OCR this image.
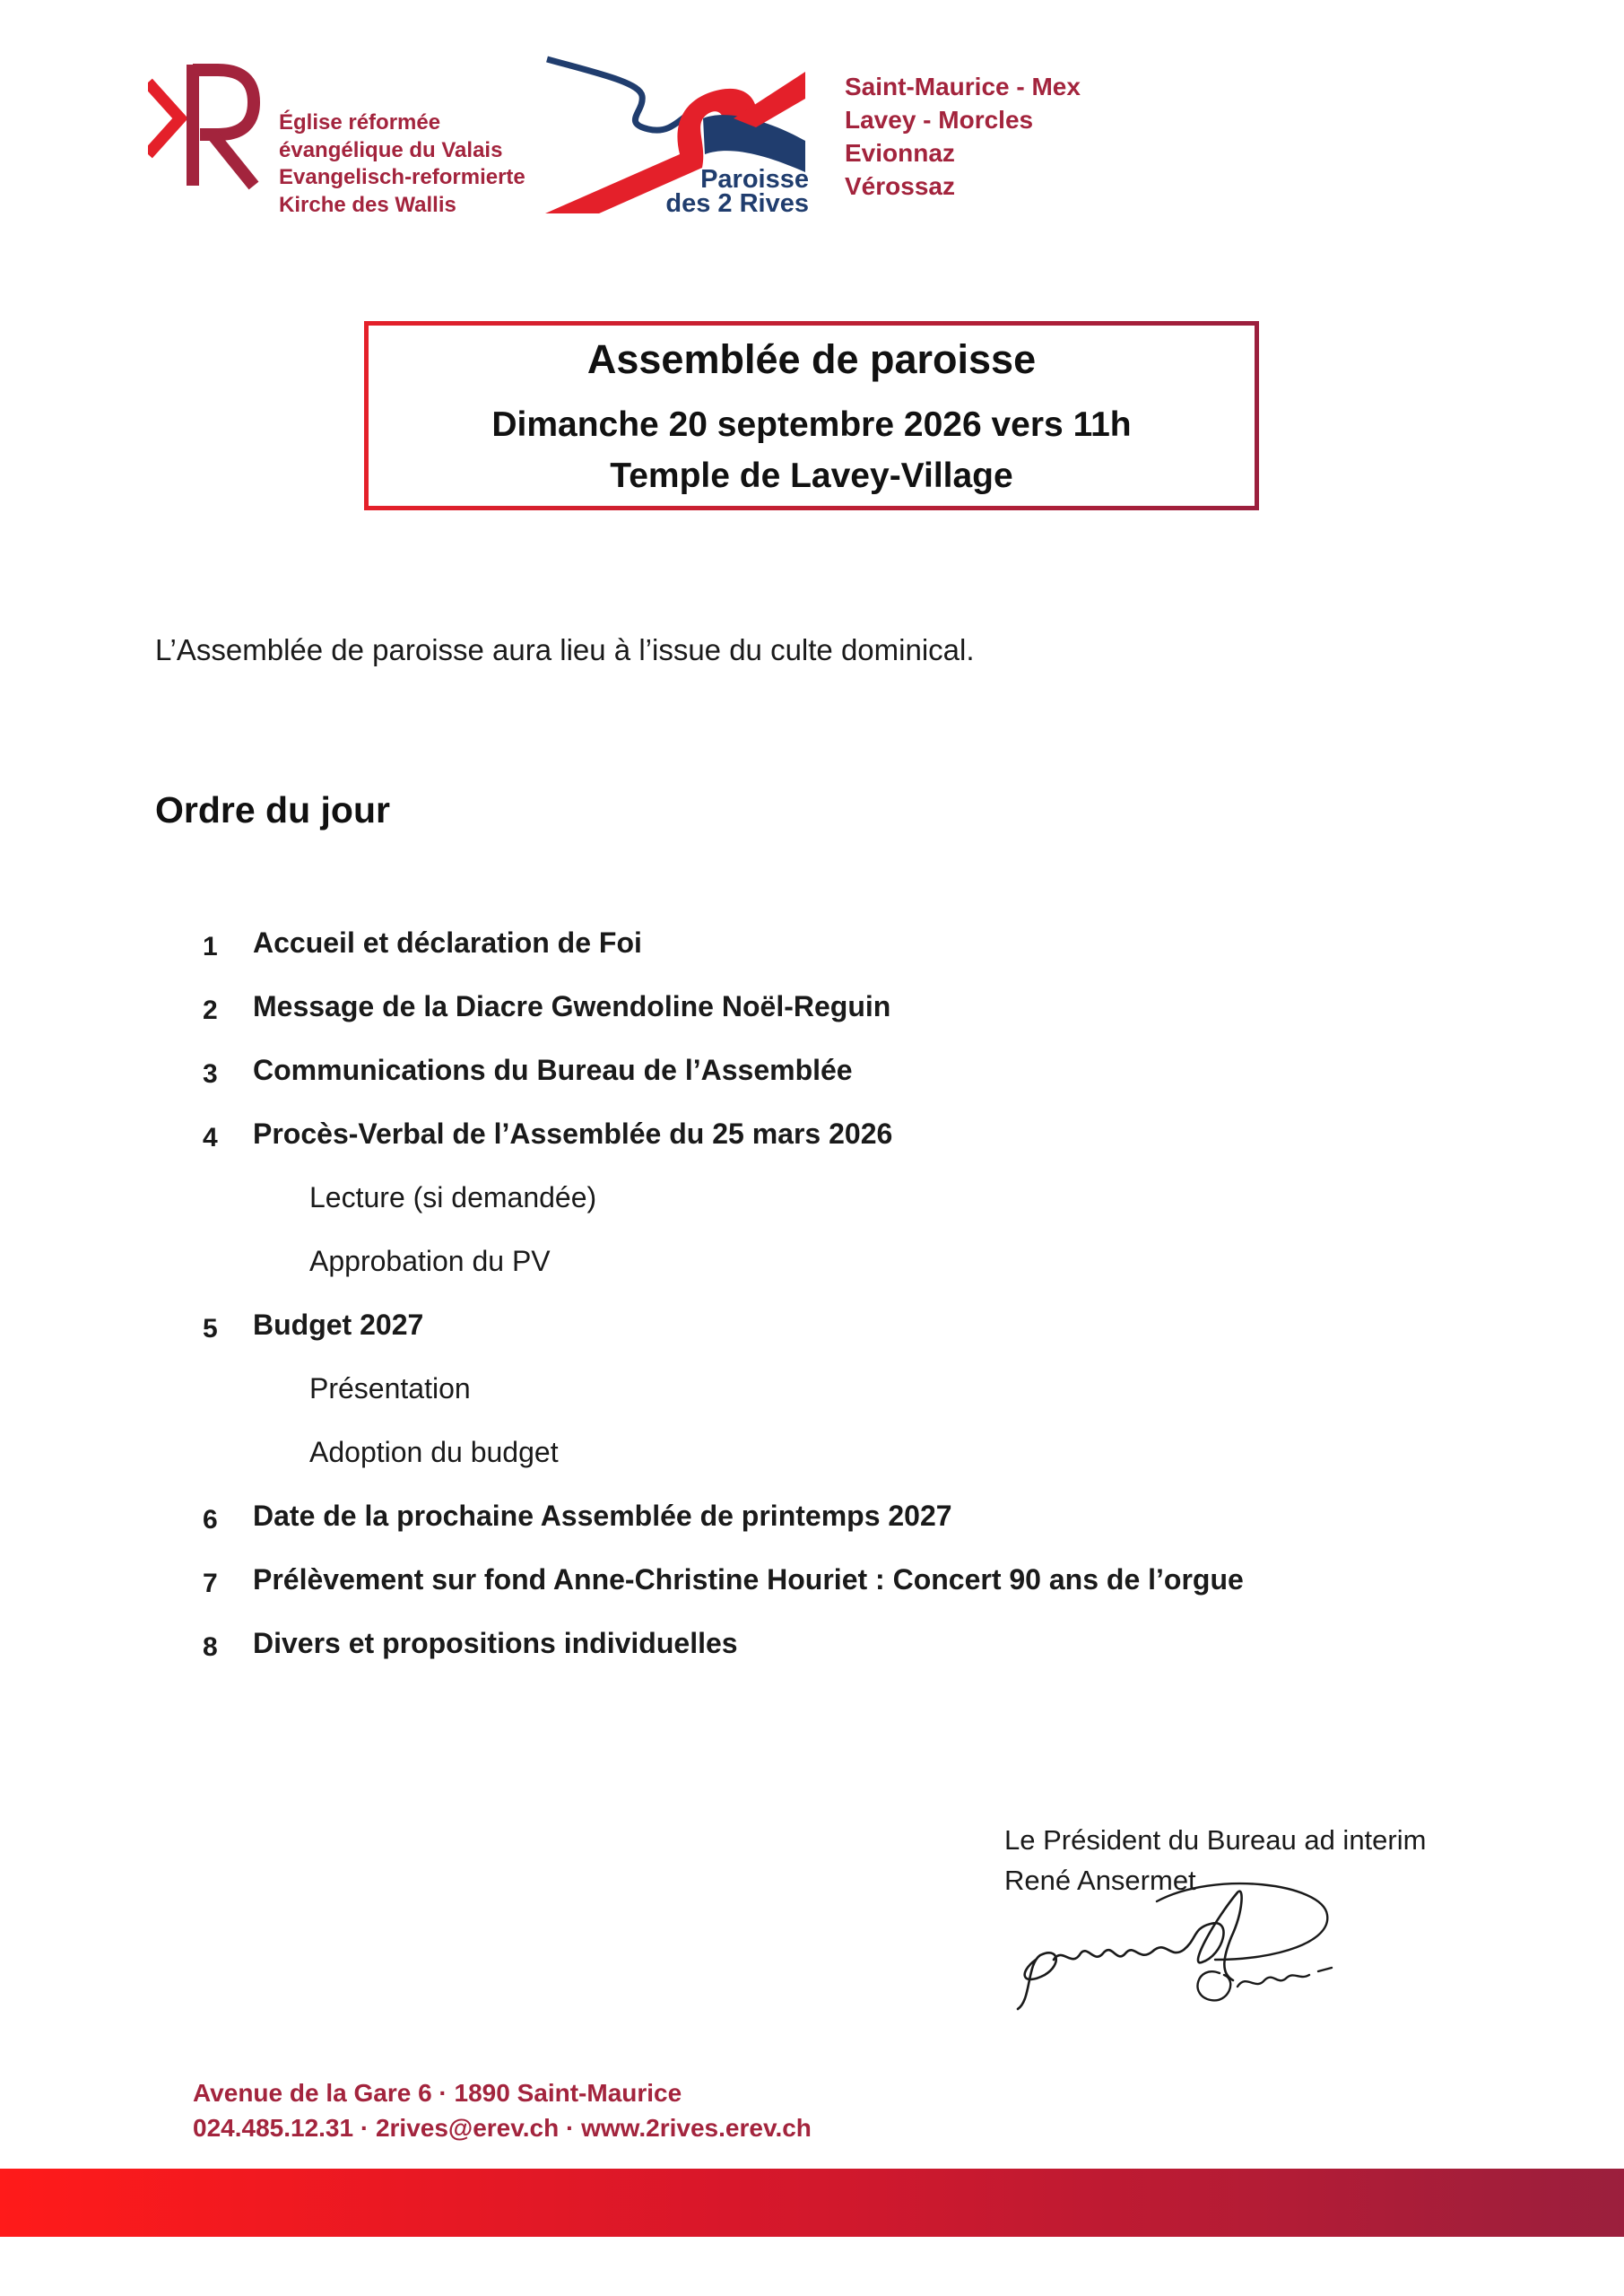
Église réformée
évangélique du Valais
Evangelisch-reformierte
Kirche des Wallis
Paroisse
des 2 Rives
Saint-Maurice - Mex
Lavey - Morcles
Evionnaz
Vérossaz
Assemblée de paroisse
Dimanche 20 septembre 2026 vers 11h
Temple de Lavey-Village
L’Assemblée de paroisse aura lieu à l’issue du culte dominical.
Ordre du jour
1 Accueil et déclaration de Foi
2 Message de la Diacre Gwendoline Noël-Reguin
3 Communications du Bureau de l’Assemblée
4 Procès-Verbal de l’Assemblée du 25 mars 2026
Lecture (si demandée)
Approbation du PV
5 Budget 2027
Présentation
Adoption du budget
6 Date de la prochaine Assemblée de printemps 2027
7 Prélèvement sur fond Anne-Christine Houriet : Concert 90 ans de l’orgue
8 Divers et propositions individuelles
Le Président du Bureau ad interim
René Ansermet
Avenue de la Gare 6 · 1890 Saint-Maurice
024.485.12.31 · 2rives@erev.ch · www.2rives.erev.ch
